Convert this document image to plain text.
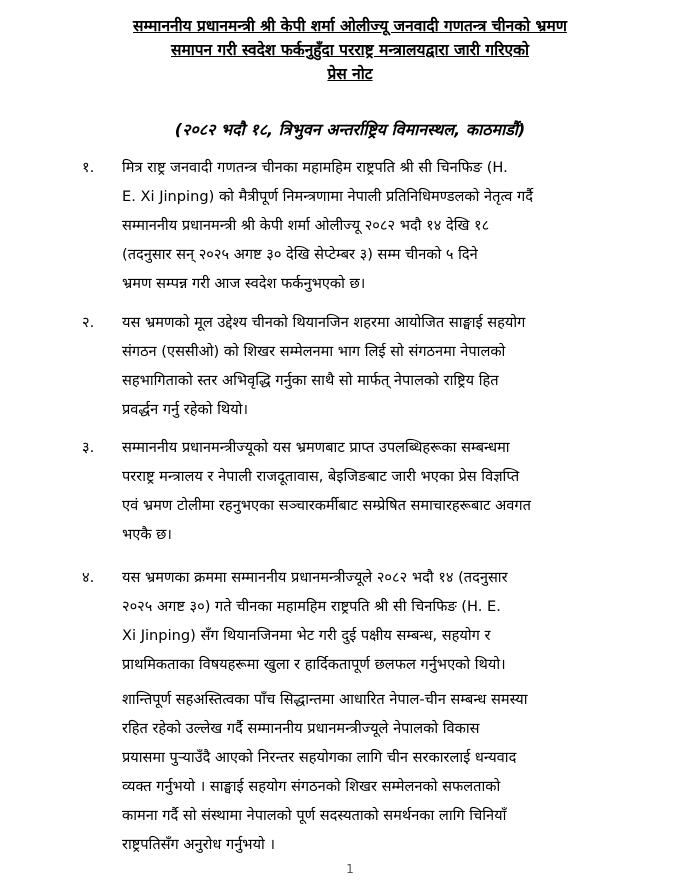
सम्माननीय प्रधानमन्त्री श्री केपी शर्मा ओलीज्यू जनवादी गणतन्त्र चीनको भ्रमण
समापन गरी स्वदेश फर्कनुहुँदा परराष्ट्र मन्त्रालयद्वारा जारी गरिएको
प्रेस नोट
(२०८२ भदौ १८, त्रिभुवन अन्तर्राष्ट्रिय विमानस्थल, काठमाडौं)
१. मित्र राष्ट्र जनवादी गणतन्त्र चीनका महामहिम राष्ट्रपति श्री सी चिनफिङ (H.
E. Xi Jinping) को मैत्रीपूर्ण निमन्त्रणामा नेपाली प्रतिनिधिमण्डलको नेतृत्व गर्दै
सम्माननीय प्रधानमन्त्री श्री केपी शर्मा ओलीज्यू २०८२ भदौ १४ देखि १८
(तदनुसार सन् २०२५ अगष्ट ३० देखि सेप्टेम्बर ३) सम्म चीनको ५ दिने
भ्रमण सम्पन्न गरी आज स्वदेश फर्कनुभएको छ।
२. यस भ्रमणको मूल उद्देश्य चीनको थियानजिन शहरमा आयोजित साङ्घाई सहयोग
संगठन (एससीओ) को शिखर सम्मेलनमा भाग लिई सो संगठनमा नेपालको
सहभागिताको स्तर अभिवृद्धि गर्नुका साथै सो मार्फत् नेपालको राष्ट्रिय हित
प्रवर्द्धन गर्नु रहेको थियो।
३. सम्माननीय प्रधानमन्त्रीज्यूको यस भ्रमणबाट प्राप्त उपलब्धिहरूका सम्बन्धमा
परराष्ट्र मन्त्रालय र नेपाली राजदूतावास, बेइजिङबाट जारी भएका प्रेस विज्ञप्ति
एवं भ्रमण टोलीमा रहनुभएका सञ्चारकर्मीबाट सम्प्रेषित समाचारहरूबाट अवगत
भएकै छ।
४. यस भ्रमणका क्रममा सम्माननीय प्रधानमन्त्रीज्यूले २०८२ भदौ १४ (तदनुसार
२०२५ अगष्ट ३०) गते चीनका महामहिम राष्ट्रपति श्री सी चिनफिङ (H. E.
Xi Jinping) सँग थियानजिनमा भेट गरी दुई पक्षीय सम्बन्ध, सहयोग र
प्राथमिकताका विषयहरूमा खुला र हार्दिकतापूर्ण छलफल गर्नुभएको थियो।
शान्तिपूर्ण सहअस्तित्वका पाँच सिद्धान्तमा आधारित नेपाल-चीन सम्बन्ध समस्या
रहित रहेको उल्लेख गर्दै सम्माननीय प्रधानमन्त्रीज्यूले नेपालको विकास
प्रयासमा पुर्‍याउँदै आएको निरन्तर सहयोगका लागि चीन सरकारलाई धन्यवाद
व्यक्त गर्नुभयो । साङ्घाई सहयोग संगठनको शिखर सम्मेलनको सफलताको
कामना गर्दै सो संस्थामा नेपालको पूर्ण सदस्यताको समर्थनका लागि चिनियाँ
राष्ट्रपतिसँग अनुरोध गर्नुभयो ।
1
